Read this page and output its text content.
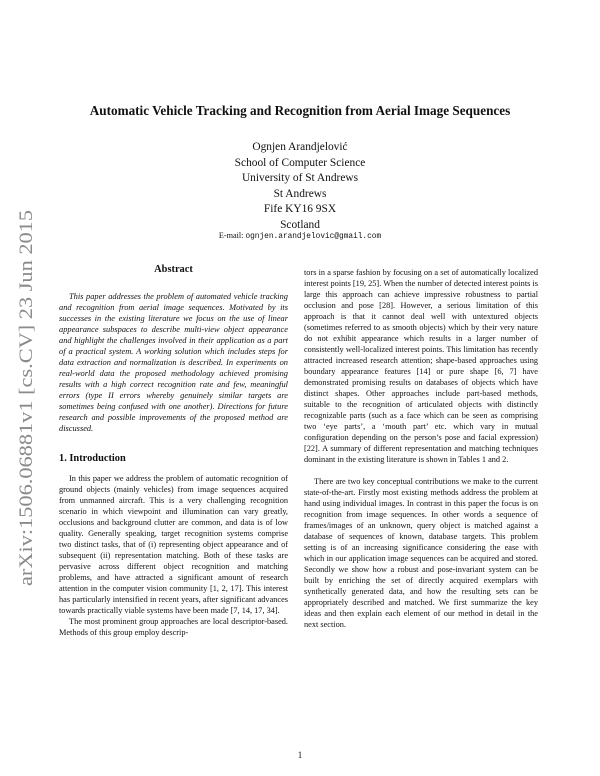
arXiv:1506.06881v1 [cs.CV] 23 Jun 2015
Automatic Vehicle Tracking and Recognition from Aerial Image Sequences
Ognjen Arandjelović
School of Computer Science
University of St Andrews
St Andrews
Fife KY16 9SX
Scotland
E-mail: ognjen.arandjelovic@gmail.com
Abstract

This paper addresses the problem of automated vehicle tracking and recognition from aerial image sequences. Motivated by its successes in the existing literature we focus on the use of linear appearance subspaces to describe multi-view object appearance and highlight the challenges involved in their application as a part of a practical system. A working solution which includes steps for data extraction and normalization is described. In experiments on real-world data the proposed methodology achieved promising results with a high correct recognition rate and few, meaningful errors (type II errors whereby genuinely similar targets are sometimes being confused with one another). Directions for future research and possible improvements of the proposed method are discussed.

1. Introduction

In this paper we address the problem of automatic recognition of ground objects (mainly vehicles) from image sequences acquired from unmanned aircraft. This is a very challenging recognition scenario in which viewpoint and illumination can vary greatly, occlusions and background clutter are common, and data is of low quality. Generally speaking, target recognition systems comprise two distinct tasks, that of (i) representing object appearance and of subsequent (ii) representation matching. Both of these tasks are pervasive across different object recognition and matching problems, and have attracted a significant amount of research attention in the computer vision community [1, 2, 17]. This interest has particularly intensified in recent years, after significant advances towards practically viable systems have been made [7, 14, 17, 34].

The most prominent group approaches are local descriptor-based. Methods of this group employ descrip-

tors in a sparse fashion by focusing on a set of automatically localized interest points [19, 25]. When the number of detected interest points is large this approach can achieve impressive robustness to partial occlusion and pose [28]. However, a serious limitation of this approach is that it cannot deal well with untextured objects (sometimes referred to as smooth objects) which by their very nature do not exhibit appearance which results in a larger number of consistently well-localized interest points. This limitation has recently attracted increased research attention; shape-based approaches using boundary appearance features [14] or pure shape [6, 7] have demonstrated promising results on databases of objects which have distinct shapes. Other approaches include part-based methods, suitable to the recognition of articulated objects with distinctly recognizable parts (such as a face which can be seen as comprising two ‘eye parts’, a ‘mouth part’ etc. which vary in mutual configuration depending on the person’s pose and facial expression) [22]. A summary of different representation and matching techniques dominant in the existing literature is shown in Tables 1 and 2.

There are two key conceptual contributions we make to the current state-of-the-art. Firstly most existing methods address the problem at hand using individual images. In contrast in this paper the focus is on recognition from image sequences. In other words a sequence of frames/images of an unknown, query object is matched against a database of sequences of known, database targets. This problem setting is of an increasing significance considering the ease with which in our application image sequences can be acquired and stored. Secondly we show how a robust and pose-invariant system can be built by enriching the set of directly acquired exemplars with synthetically generated data, and how the resulting sets can be appropriately described and matched. We first summarize the key ideas and then explain each element of our method in detail in the next section.

1
